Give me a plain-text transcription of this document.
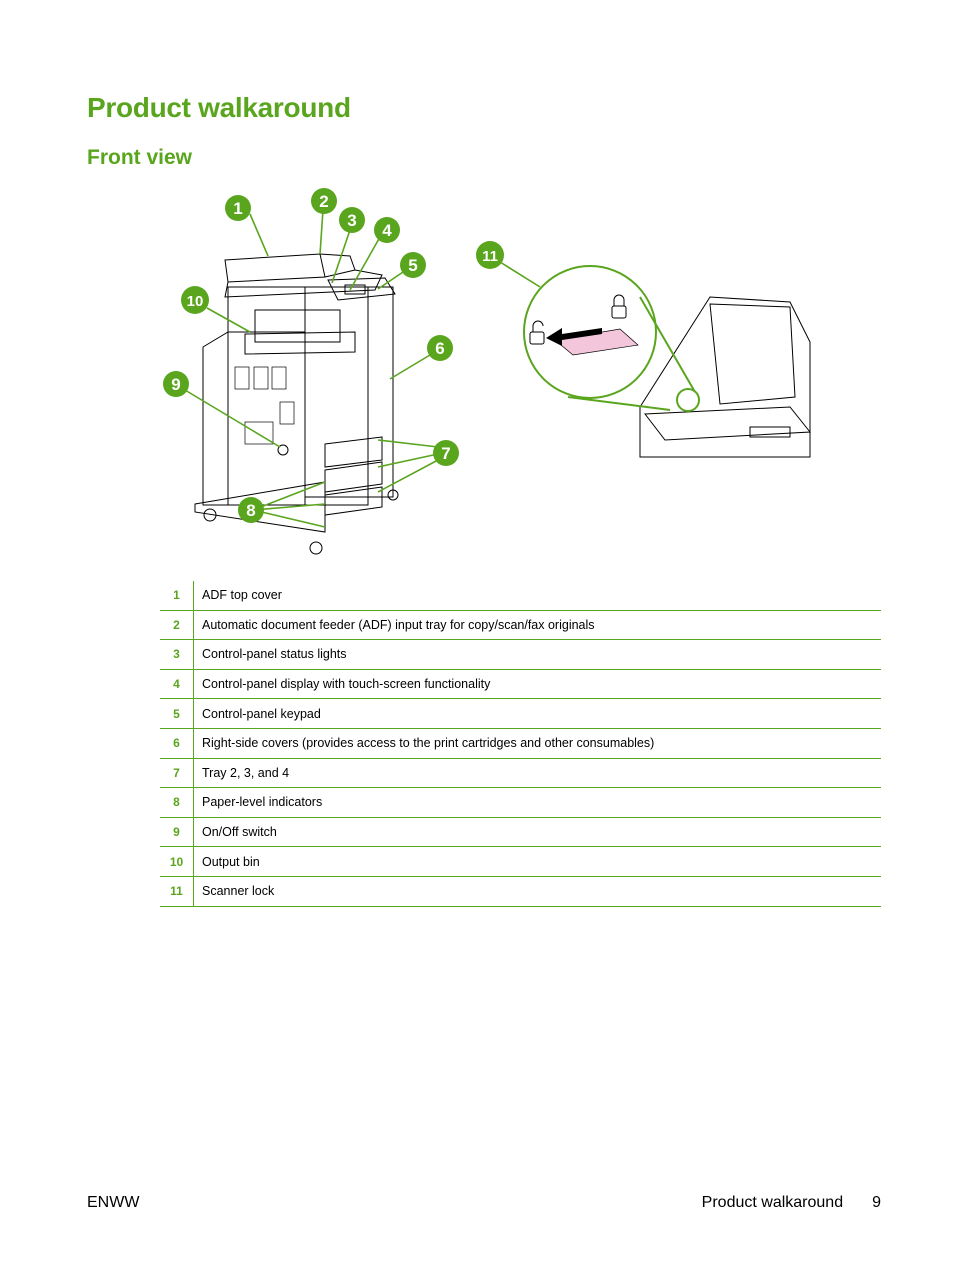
Product walkaround
Front view
1	2
3
4
5
6
7
8
9
10
11
1	ADF top cover
2	Automatic document feeder (ADF) input tray for copy/scan/fax originals
3	Control-panel status lights
4	Control-panel display with touch-screen functionality
5	Control-panel keypad
6	Right-side covers (provides access to the print cartridges and other consumables)
7	Tray 2, 3, and 4
8	Paper-level indicators
9	On/Off switch
10	Output bin
11	Scanner lock
ENWW	Product walkaround 9
